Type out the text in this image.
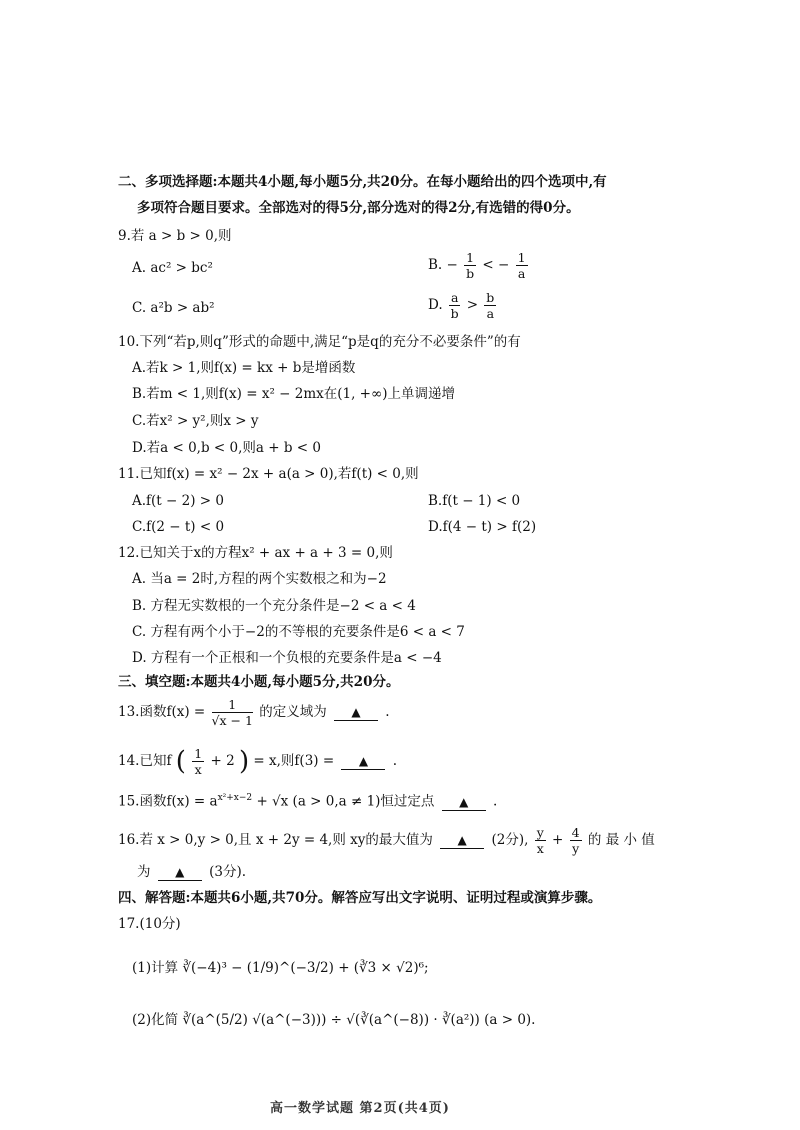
二、多项选择题:本题共4小题,每小题5分,共20分。在每小题给出的四个选项中,有
多项符合题目要求。全部选对的得5分,部分选对的得2分,有选错的得0分。
9.若 a > b > 0,则
A. ac² > bc²	B. − $\frac{1}{b}$ < − $\frac{1}{a}$
C. a²b > ab²	D. $\frac{a}{b} > \frac{b}{a}$
10.下列“若p,则q”形式的命题中,满足“p是q的充分不必要条件”的有
A.若k > 1,则f(x) = kx + b是增函数
B.若m < 1,则f(x) = x² − 2mx在(1, +∞)上单调递增
C.若x² > y²,则x > y
D.若a < 0,b < 0,则a + b < 0
11.已知f(x) = x² − 2x + a(a > 0),若f(t) < 0,则
A.f(t − 2) > 0	B.f(t − 1) < 0
C.f(2 − t) < 0	D.f(4 − t) > f(2)
12.已知关于x的方程x² + ax + a + 3 = 0,则
A. 当a = 2时,方程的两个实数根之和为−2
B. 方程无实数根的一个充分条件是−2 < a < 4
C. 方程有两个小于−2的不等根的充要条件是6 < a < 7
D. 方程有一个正根和一个负根的充要条件是a < −4
三、填空题:本题共4小题,每小题5分,共20分。
13.函数$f(x) = \frac{1}{√x - 1}$ 的定义域为 ▲ .
14.已知f ( $\frac{1}{x} + 2$ ) = x,则f(3) = ▲ .
15.函数$f(x) = a^{x^2+x-2} + √x$ (a > 0,a ≠ 1)恒过定点 ▲ .
16.若 x > 0,y > 0,且 x + 2y = 4,则 xy的最大值为 ▲ (2分), $\frac{y}{x} + \frac{4}{y}$ 的 最 小 值
为 ▲ (3分).
四、解答题:本题共6小题,共70分。解答应写出文字说明、证明过程或演算步骤。
17.(10分)
(1)计算 ∛(−4)³ − (1/9)^(−3/2) + (∛3 × √2)⁶;
(2)化简 ∛(a^(5/2) √(a^(−3))) ÷ √(∛(a^(−8)) · ∛(a²)) (a > 0).
高一数学试题 第2页(共4页)
